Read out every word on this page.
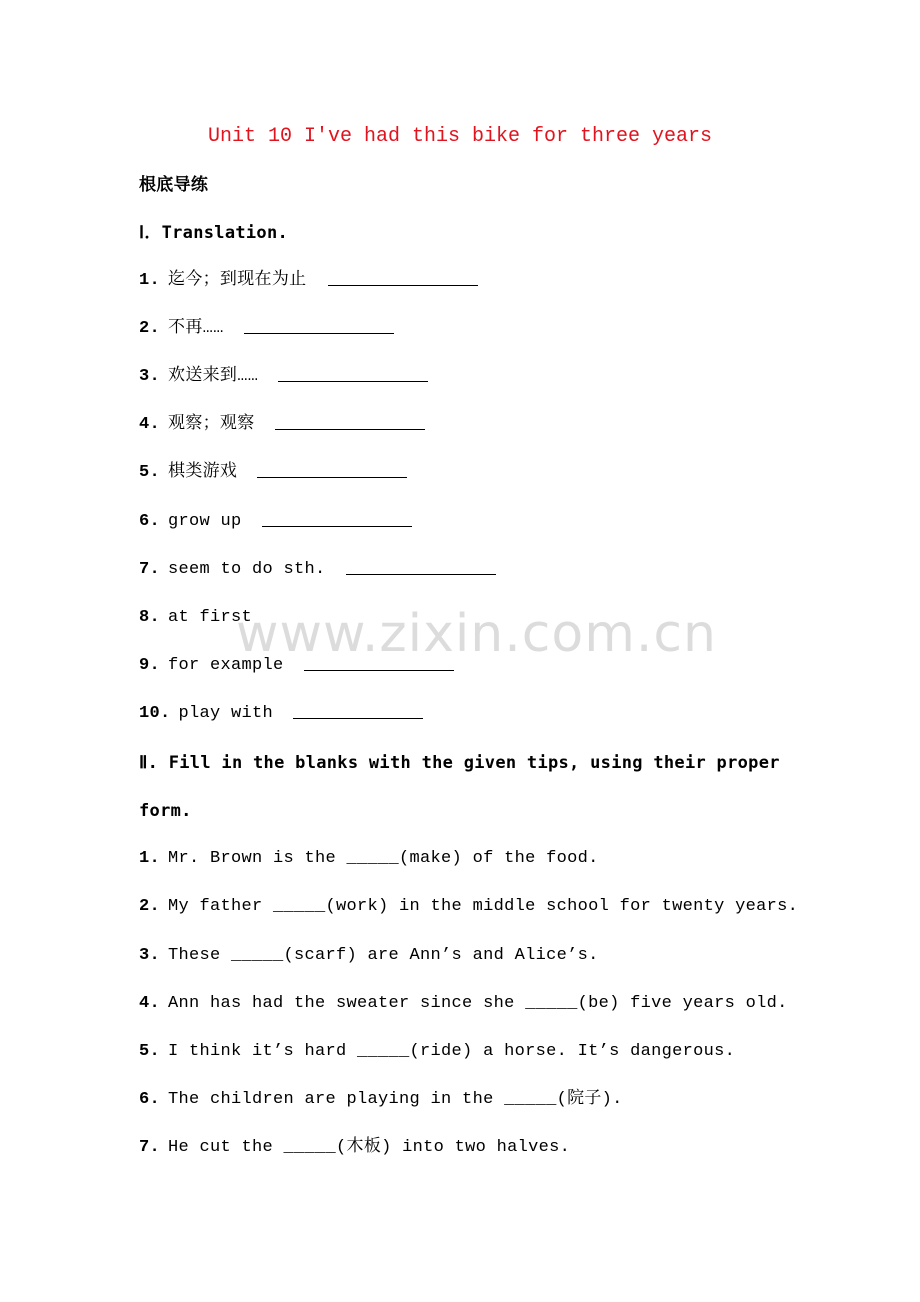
Unit 10 I've had this bike for three years
根底导练
Ⅰ．Translation.
1. 迄今；到现在为止
2. 不再……
3. 欢送来到……
4. 观察；观察
5. 棋类游戏
6. grow up
7. seem to do sth.
8. at first
9. for example
10. play with
Ⅱ. Fill in the blanks with the given tips, using their proper
form.
1. Mr. Brown is the _____(make) of the food.
2. My father _____(work) in the middle school for twenty years.
3. These _____(scarf) are Ann’s and Alice’s.
4. Ann has had the sweater since she _____(be) five years old.
5. I think it’s hard _____(ride) a horse. It’s dangerous.
6. The children are playing in the _____(院子).
7. He cut the _____(木板) into two halves.
www.zixin.com.cn
